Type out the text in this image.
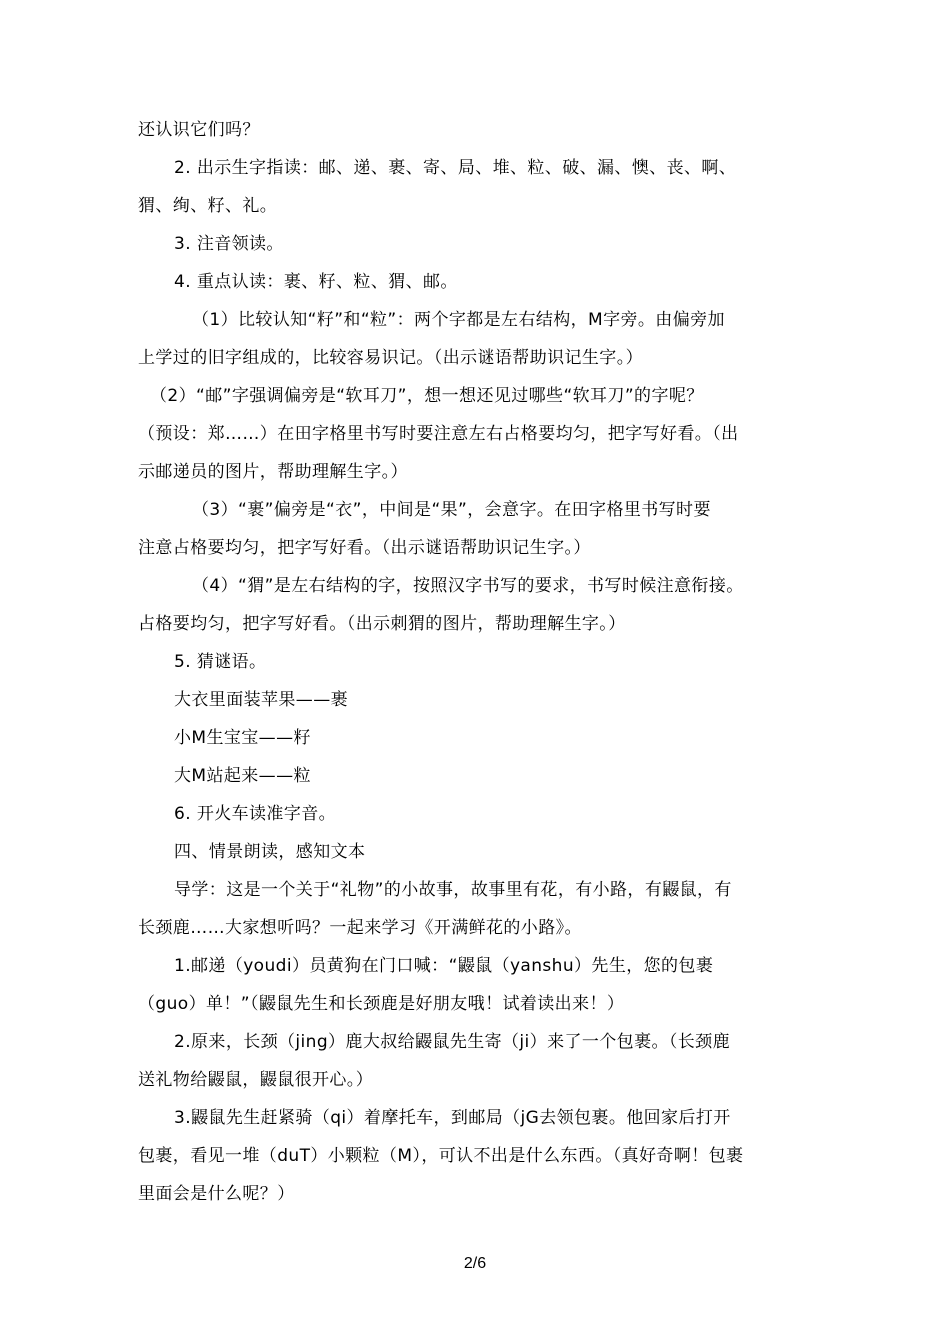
还认识它们吗？
2. 出示生字指读：邮、递、裹、寄、局、堆、粒、破、漏、懊、丧、啊、
猬、绚、籽、礼。
3. 注音领读。
4. 重点认读：裹、籽、粒、猬、邮。
（1）比较认知“籽”和“粒”：两个字都是左右结构，M字旁。由偏旁加
上学过的旧字组成的，比较容易识记。（出示谜语帮助识记生字。）
（2）“邮”字强调偏旁是“软耳刀”，想一想还见过哪些“软耳刀”的字呢？
（预设：郑……）在田字格里书写时要注意左右占格要均匀，把字写好看。（出
示邮递员的图片，帮助理解生字。）
（3）“裹”偏旁是“衣”，中间是“果”，会意字。在田字格里书写时要
注意占格要均匀，把字写好看。（出示谜语帮助识记生字。）
（4）“猬”是左右结构的字，按照汉字书写的要求，书写时候注意衔接。
占格要均匀，把字写好看。（出示刺猬的图片，帮助理解生字。）
5. 猜谜语。
大衣里面装苹果——裹
小M生宝宝——籽
大M站起来——粒
6. 开火车读准字音。
四、情景朗读，感知文本
导学：这是一个关于“礼物”的小故事，故事里有花，有小路，有鼹鼠，有
长颈鹿……大家想听吗？一起来学习《开满鲜花的小路》。
1.邮递（youdi）员黄狗在门口喊：“鼹鼠（yanshu）先生，您的包裹
（guo）单！”（鼹鼠先生和长颈鹿是好朋友哦！试着读出来！）
2.原来，长颈（jing）鹿大叔给鼹鼠先生寄（ji）来了一个包裹。（长颈鹿
送礼物给鼹鼠，鼹鼠很开心。）
3.鼹鼠先生赶紧骑（qi）着摩托车，到邮局（jG去领包裹。他回家后打开
包裹，看见一堆（duT）小颗粒（M），可认不出是什么东西。（真好奇啊！包裹
里面会是什么呢？）
2/6
